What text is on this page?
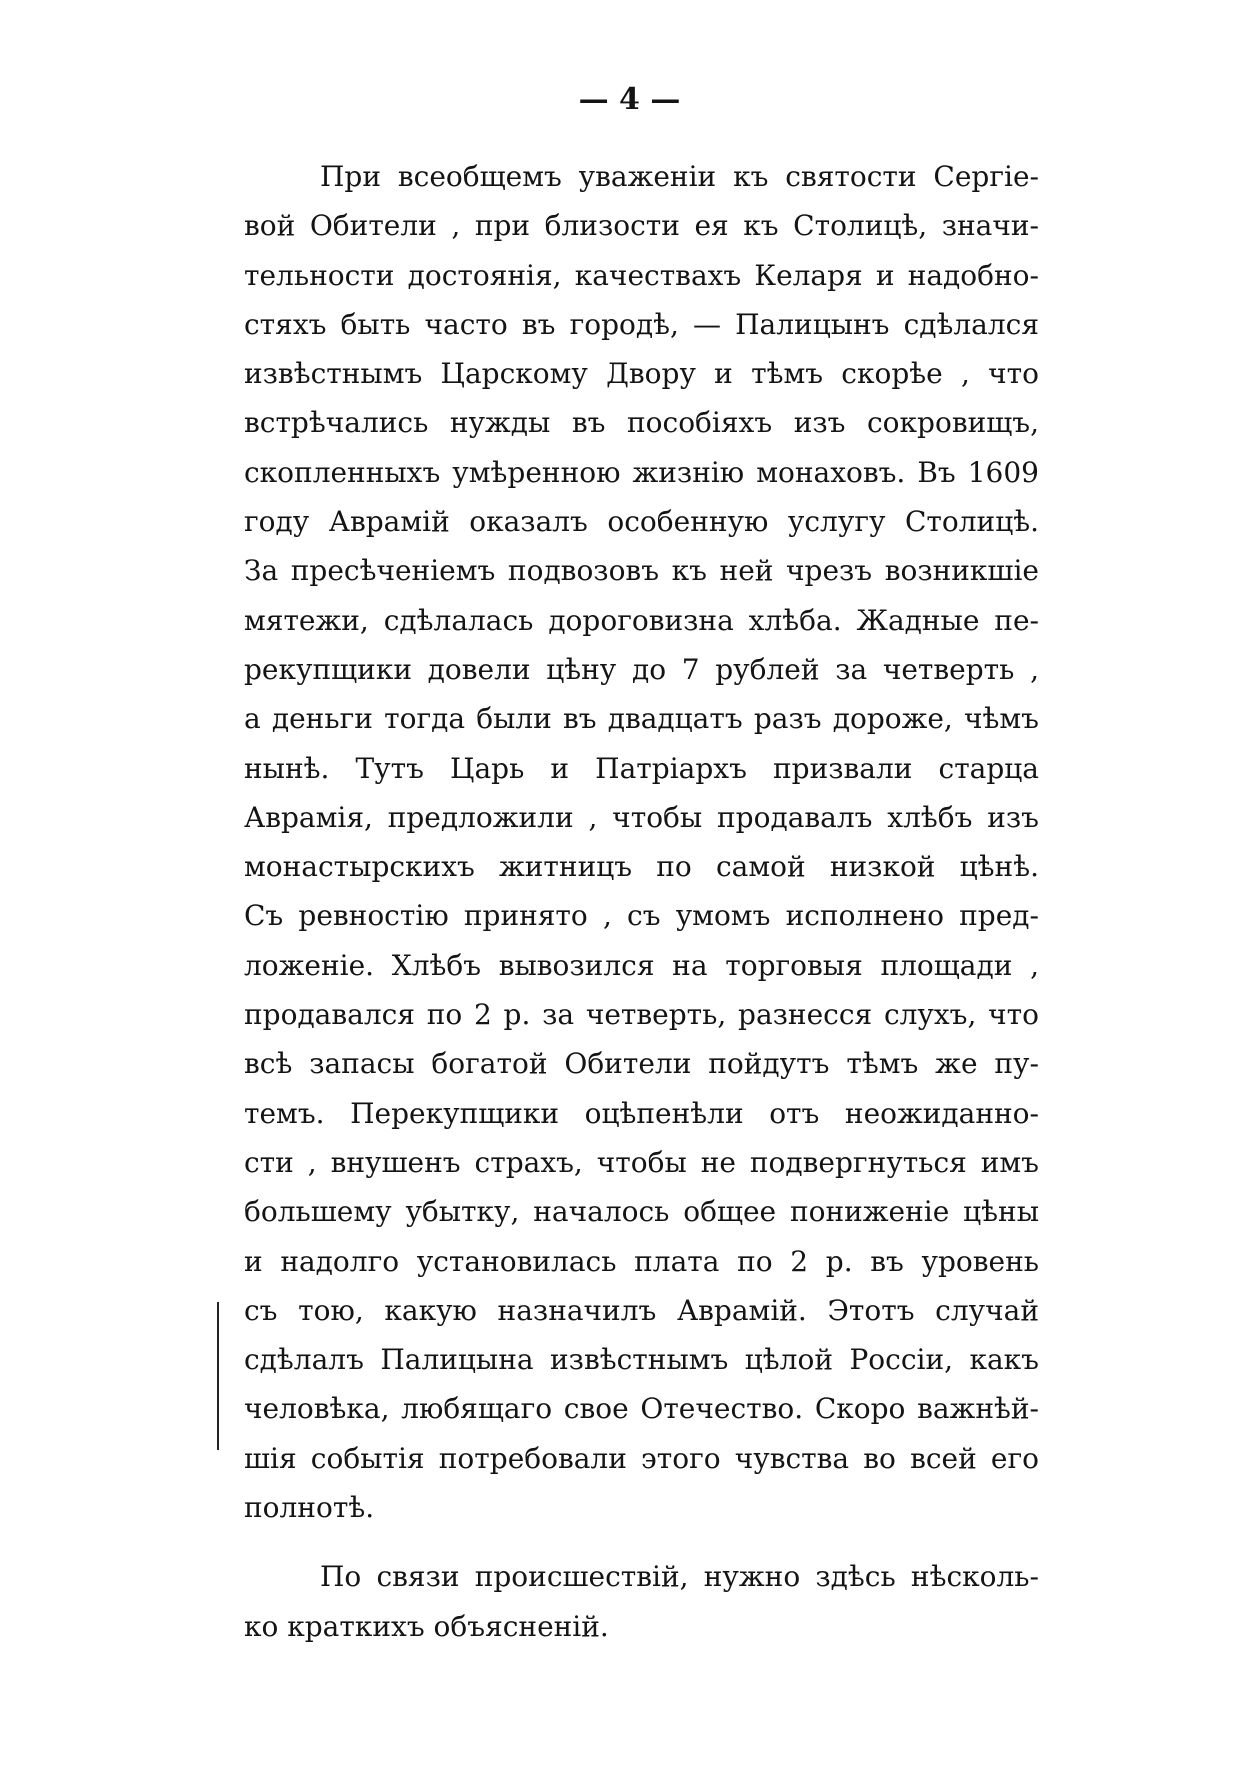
— 4 —
При всеобщемъ уваженіи къ святости Сергіе-
вой Обители , при близости ея къ Столицѣ, значи-
тельности достоянія, качествахъ Келаря и надобно-
стяхъ быть часто въ городѣ, — Палицынъ сдѣлался
извѣстнымъ Царскому Двору и тѣмъ скорѣе , что
встрѣчались нужды въ пособіяхъ изъ сокровищъ,
скопленныхъ умѣренною жизнію монаховъ. Въ 1609
году Аврамій оказалъ особенную услугу Столицѣ.
За пресѣченіемъ подвозовъ къ ней чрезъ возникшіе
мятежи, сдѣлалась дороговизна хлѣба. Жадные пе-
рекупщики довели цѣну до 7 рублей за четверть ,
а деньги тогда были въ двадцатъ разъ дороже, чѣмъ
нынѣ. Тутъ Царь и Патріархъ призвали старца
Аврамія, предложили , чтобы продавалъ хлѣбъ изъ
монастырскихъ житницъ по самой низкой цѣнѣ.
Съ ревностію принято , съ умомъ исполнено пред-
ложеніе. Хлѣбъ вывозился на торговыя площади ,
продавался по 2 р. за четверть, разнесся слухъ, что
всѣ запасы богатой Обители пойдутъ тѣмъ же пу-
темъ. Перекупщики оцѣпенѣли отъ неожиданно-
сти , внушенъ страхъ, чтобы не подвергнуться имъ
большему убытку, началось общее пониженіе цѣны
и надолго установилась плата по 2 р. въ уровень
съ тою, какую назначилъ Аврамій. Этотъ случай
сдѣлалъ Палицына извѣстнымъ цѣлой Россіи, какъ
человѣка, любящаго свое Отечество. Скоро важнѣй-
шія событія потребовали этого чувства во всей его
полнотѣ.
По связи происшествій, нужно здѣсь нѣсколь-
ко краткихъ объясненій.
